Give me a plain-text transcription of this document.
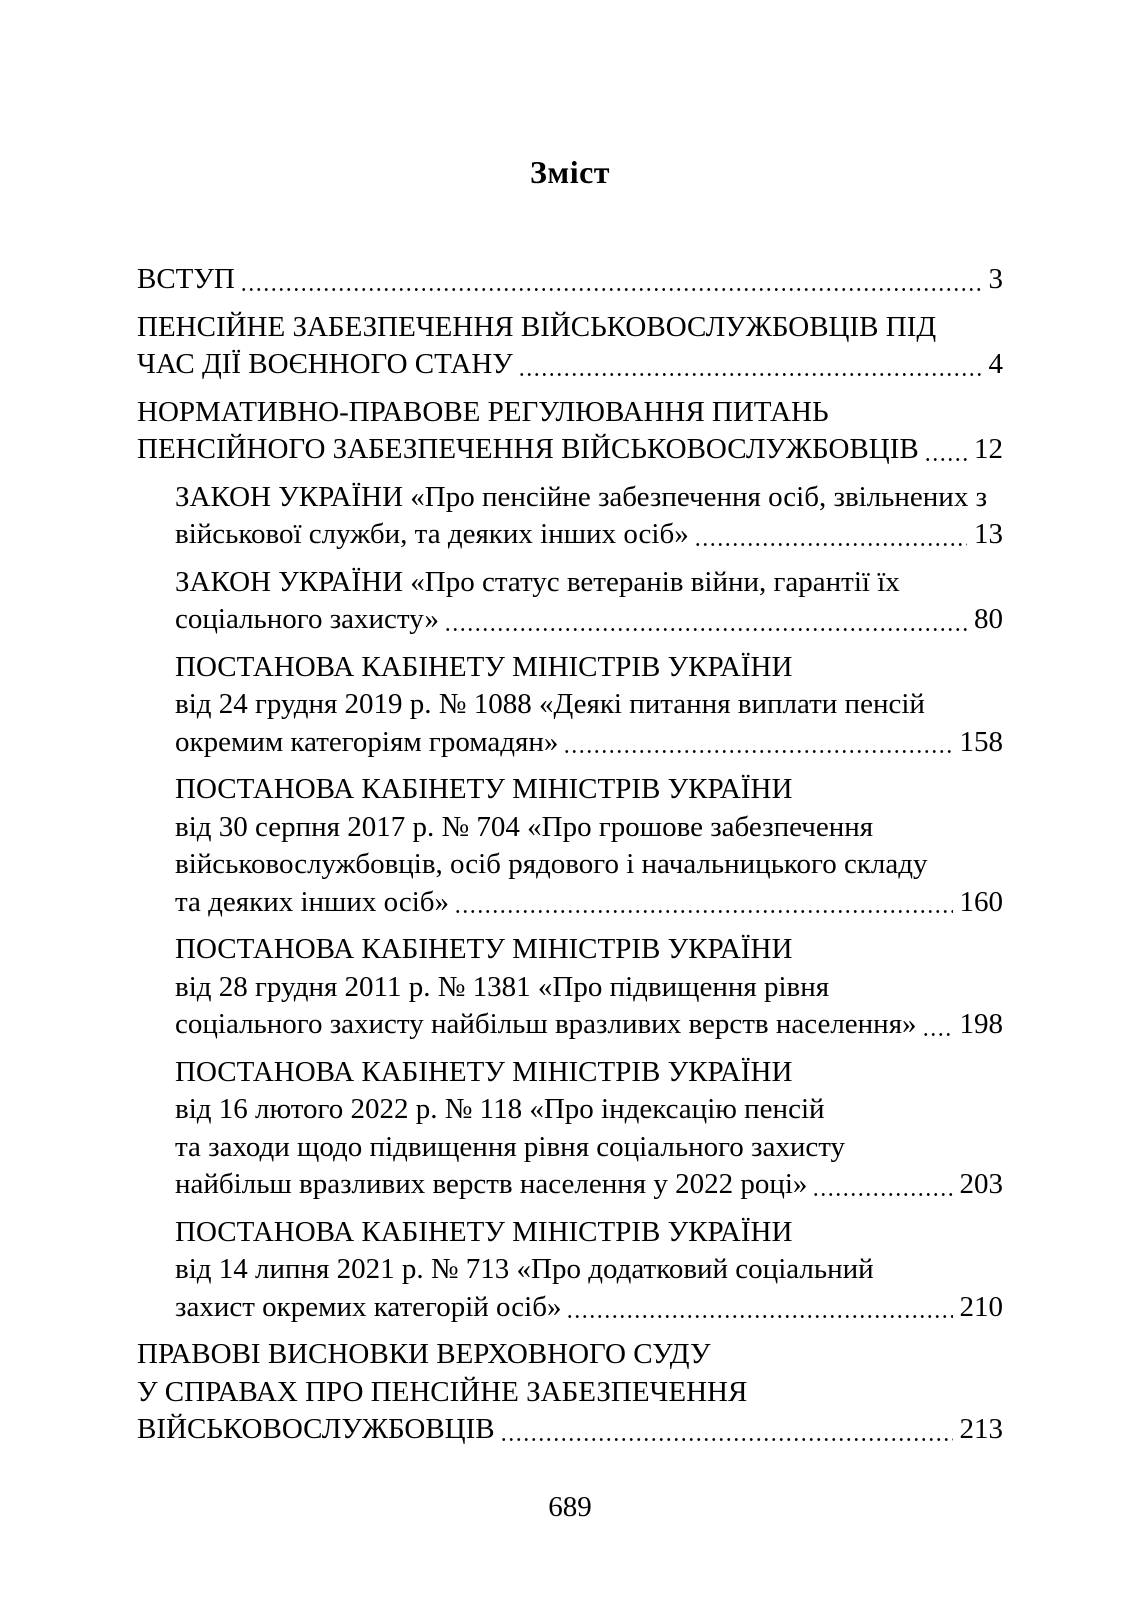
Зміст
ВСТУП	3
ПЕНСІЙНЕ ЗАБЕЗПЕЧЕННЯ ВІЙСЬКОВОСЛУЖБОВЦІВ ПІД
ЧАС ДІЇ ВОЄННОГО СТАНУ	4
НОРМАТИВНО-ПРАВОВЕ РЕГУЛЮВАННЯ ПИТАНЬ
ПЕНСІЙНОГО ЗАБЕЗПЕЧЕННЯ ВІЙСЬКОВОСЛУЖБОВЦІВ 12
ЗАКОН УКРАЇНИ «Про пенсійне забезпечення осіб, звільнених з
військової служби, та деяких інших осіб»	13
ЗАКОН УКРАЇНИ «Про статус ветеранів війни, гарантії їх
соціального захисту»	80
ПОСТАНОВА КАБІНЕТУ МІНІСТРІВ УКРАЇНИ
від 24 грудня 2019 р. № 1088 «Деякі питання виплати пенсій
окремим категоріям громадян»	158
ПОСТАНОВА КАБІНЕТУ МІНІСТРІВ УКРАЇНИ
від 30 серпня 2017 р. № 704 «Про грошове забезпечення
військовослужбовців, осіб рядового і начальницького складу
та деяких інших осіб»	160
ПОСТАНОВА КАБІНЕТУ МІНІСТРІВ УКРАЇНИ
від 28 грудня 2011 р. № 1381 «Про підвищення рівня
соціального захисту найбільш вразливих верств населення» 198
ПОСТАНОВА КАБІНЕТУ МІНІСТРІВ УКРАЇНИ
від 16 лютого 2022 р. № 118 «Про індексацію пенсій
та заходи щодо підвищення рівня соціального захисту
найбільш вразливих верств населення у 2022 році»	203
ПОСТАНОВА КАБІНЕТУ МІНІСТРІВ УКРАЇНИ
від 14 липня 2021 р. № 713 «Про додатковий соціальний
захист окремих категорій осіб»	210
ПРАВОВІ ВИСНОВКИ ВЕРХОВНОГО СУДУ
У СПРАВАХ ПРО ПЕНСІЙНЕ ЗАБЕЗПЕЧЕННЯ
ВІЙСЬКОВОСЛУЖБОВЦІВ	213
689
